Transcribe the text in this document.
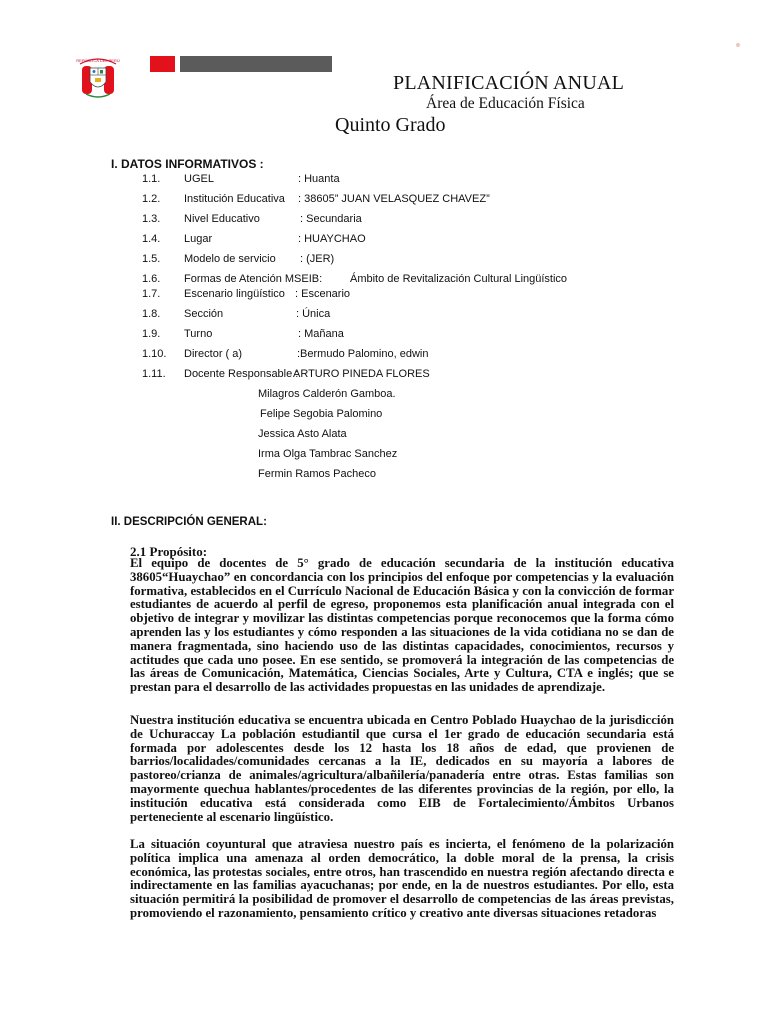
REPÚBLICA DEL PERÚ
PLANIFICACIÓN ANUAL
Área de Educación Física
Quinto Grado
I. DATOS INFORMATIVOS :
1.1. UGEL	: Huanta
1.2. Institución Educativa : 38605” JUAN VELASQUEZ CHAVEZ”
1.3. Nivel Educativo	: Secundaria
1.4. Lugar	: HUAYCHAO
1.5. Modelo de servicio : (JER)
1.6. Formas de Atención MSEIB:	Ámbito de Revitalización Cultural Lingüístico
1.7. Escenario lingüístico : Escenario
1.8. Sección	: Única
1.9. Turno	: Mañana
1.10. Director ( a)	:Bermudo Palomino, edwin
1.11. Docente Responsable :
ARTURO PINEDA FLORES
Milagros Calderón Gamboa.
Felipe Segobia Palomino
Jessica Asto Alata
Irma Olga Tambrac Sanchez
Fermin Ramos Pacheco
II. DESCRIPCIÓN GENERAL:
2.1 Propósito:
El equipo de docentes de 5° grado de educación secundaria de la institución educativa 38605“Huaychao” en concordancia con los principios del enfoque por competencias y la evaluación formativa, establecidos en el Currículo Nacional de Educación Básica y con la convicción de formar estudiantes de acuerdo al perfil de egreso, proponemos esta planificación anual integrada con el objetivo de integrar y movilizar las distintas competencias porque reconocemos que la forma cómo aprenden las y los estudiantes y cómo responden a las situaciones de la vida cotidiana no se dan de manera fragmentada, sino haciendo uso de las distintas capacidades, conocimientos, recursos y actitudes que cada uno posee. En ese sentido, se promoverá la integración de las competencias de las áreas de Comunicación, Matemática, Ciencias Sociales, Arte y Cultura, CTA e inglés; que se prestan para el desarrollo de las actividades propuestas en las unidades de aprendizaje.
Nuestra institución educativa se encuentra ubicada en Centro Poblado Huaychao de la jurisdicción de Uchuraccay La población estudiantil que cursa el 1er grado de educación secundaria está formada por adolescentes desde los 12 hasta los 18 años de edad, que provienen de barrios/localidades/comunidades cercanas a la IE, dedicados en su mayoría a labores de pastoreo/crianza de animales/agricultura/albañilería/panadería entre otras. Estas familias son mayormente quechua hablantes/procedentes de las diferentes provincias de la región, por ello, la institución educativa está considerada como EIB de Fortalecimiento/Ámbitos Urbanos perteneciente al escenario lingüístico.
La situación coyuntural que atraviesa nuestro país es incierta, el fenómeno de la polarización política implica una amenaza al orden democrático, la doble moral de la prensa, la crisis económica, las protestas sociales, entre otros, han trascendido en nuestra región afectando directa e indirectamente en las familias ayacuchanas; por ende, en la de nuestros estudiantes. Por ello, esta situación permitirá la posibilidad de promover el desarrollo de competencias de las áreas previstas, promoviendo el razonamiento, pensamiento crítico y creativo ante diversas situaciones retadoras
